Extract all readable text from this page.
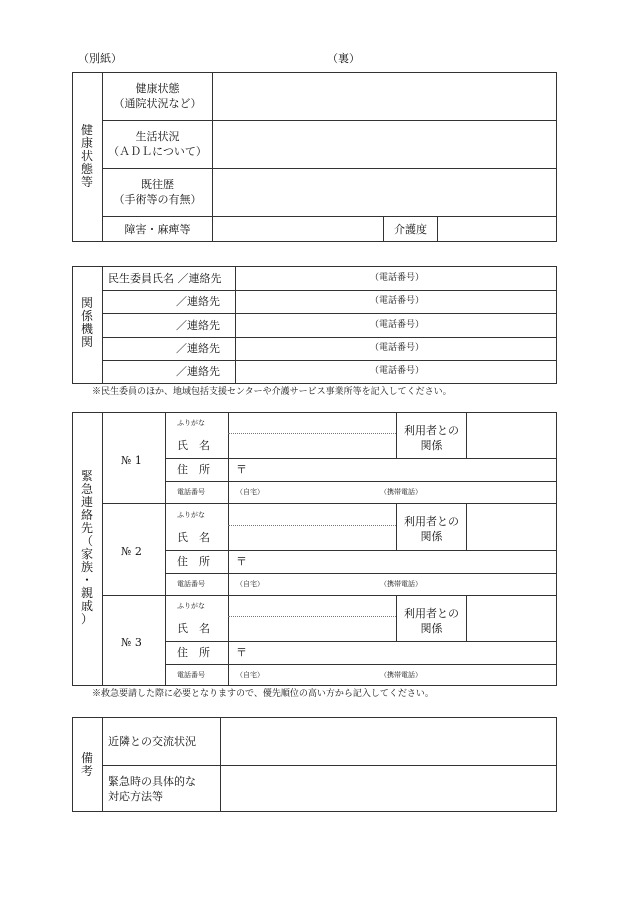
（別紙）	（裏）
健
康
状
態
等
健康状態
（通院状況など）
生活状況
（ＡＤＬについて）
既往歴
（手術等の有無）
障害・麻痺等	介護度
関
係
機
関
民生委員氏名 ／連絡先	（電話番号）
／連絡先	（電話番号）
／連絡先	（電話番号）
／連絡先	（電話番号）
／連絡先	（電話番号）
※民生委員のほか、地域包括支援センターや介護サービス事業所等を記入してください。
緊
急
連
絡
先
（
家
族
・
親
戚
）
№ 1
ふりがな
氏　名
利用者との
関係
住　所 〒
電話番号	（自宅）	（携帯電話）
№ 2
ふりがな
氏　名
利用者との
関係
住　所 〒
電話番号	（自宅）	（携帯電話）
№ 3
ふりがな
氏　名
利用者との
関係
住　所 〒
電話番号	（自宅）	（携帯電話）
※救急要請した際に必要となりますので、優先順位の高い方から記入してください。
備
考
近隣との交流状況
緊急時の具体的な
対応方法等
